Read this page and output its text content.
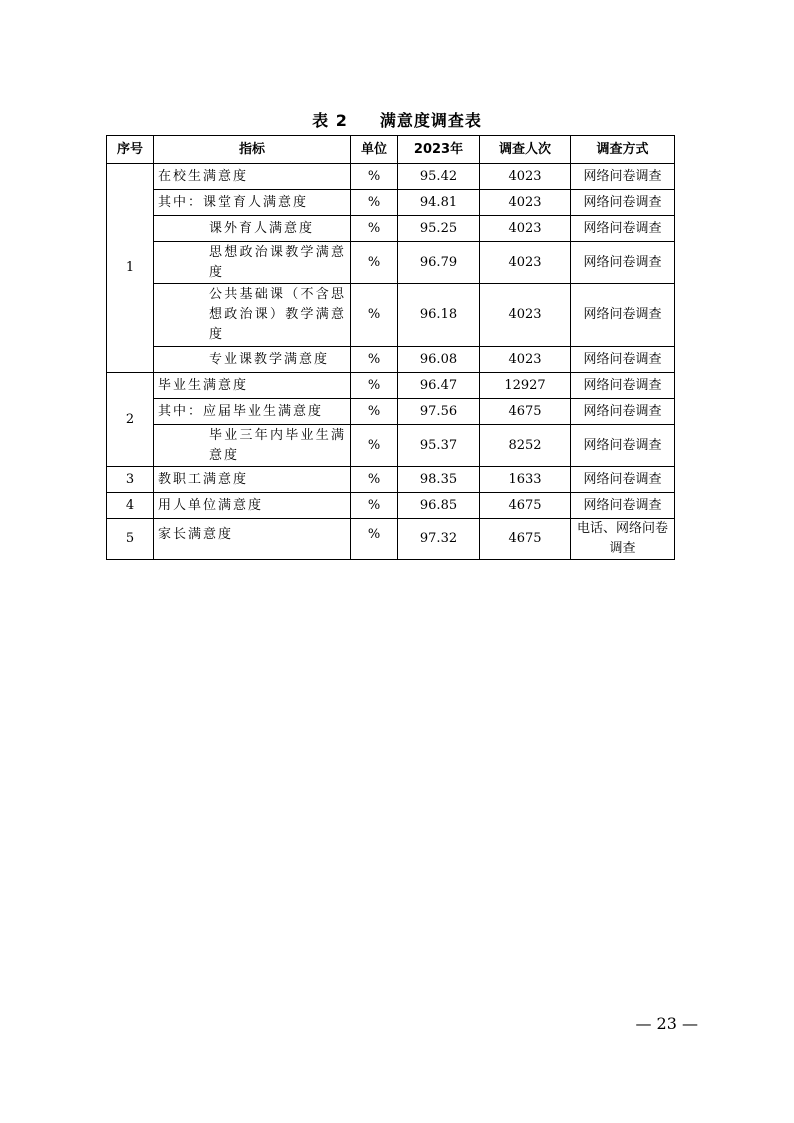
表 2 满意度调查表
序号	指标	单位	2023年	调查人次	调查方式
1	在校生满意度	%	95.42	4023	网络问卷调查
	其中：课堂育人满意度	%	94.81	4023	网络问卷调查
	课外育人满意度	%	95.25	4023	网络问卷调查
	思想政治课教学满意度	%	96.79	4023	网络问卷调查
	公共基础课（不含思想政治课）教学满意度	%	96.18	4023	网络问卷调查
	专业课教学满意度	%	96.08	4023	网络问卷调查
2	毕业生满意度	%	96.47	12927	网络问卷调查
	其中：应届毕业生满意度	%	97.56	4675	网络问卷调查
	毕业三年内毕业生满意度	%	95.37	8252	网络问卷调查
3	教职工满意度	%	98.35	1633	网络问卷调查
4	用人单位满意度	%	96.85	4675	网络问卷调查
5	家长满意度	%	97.32	4675	电话、网络问卷调查
— 23 —
